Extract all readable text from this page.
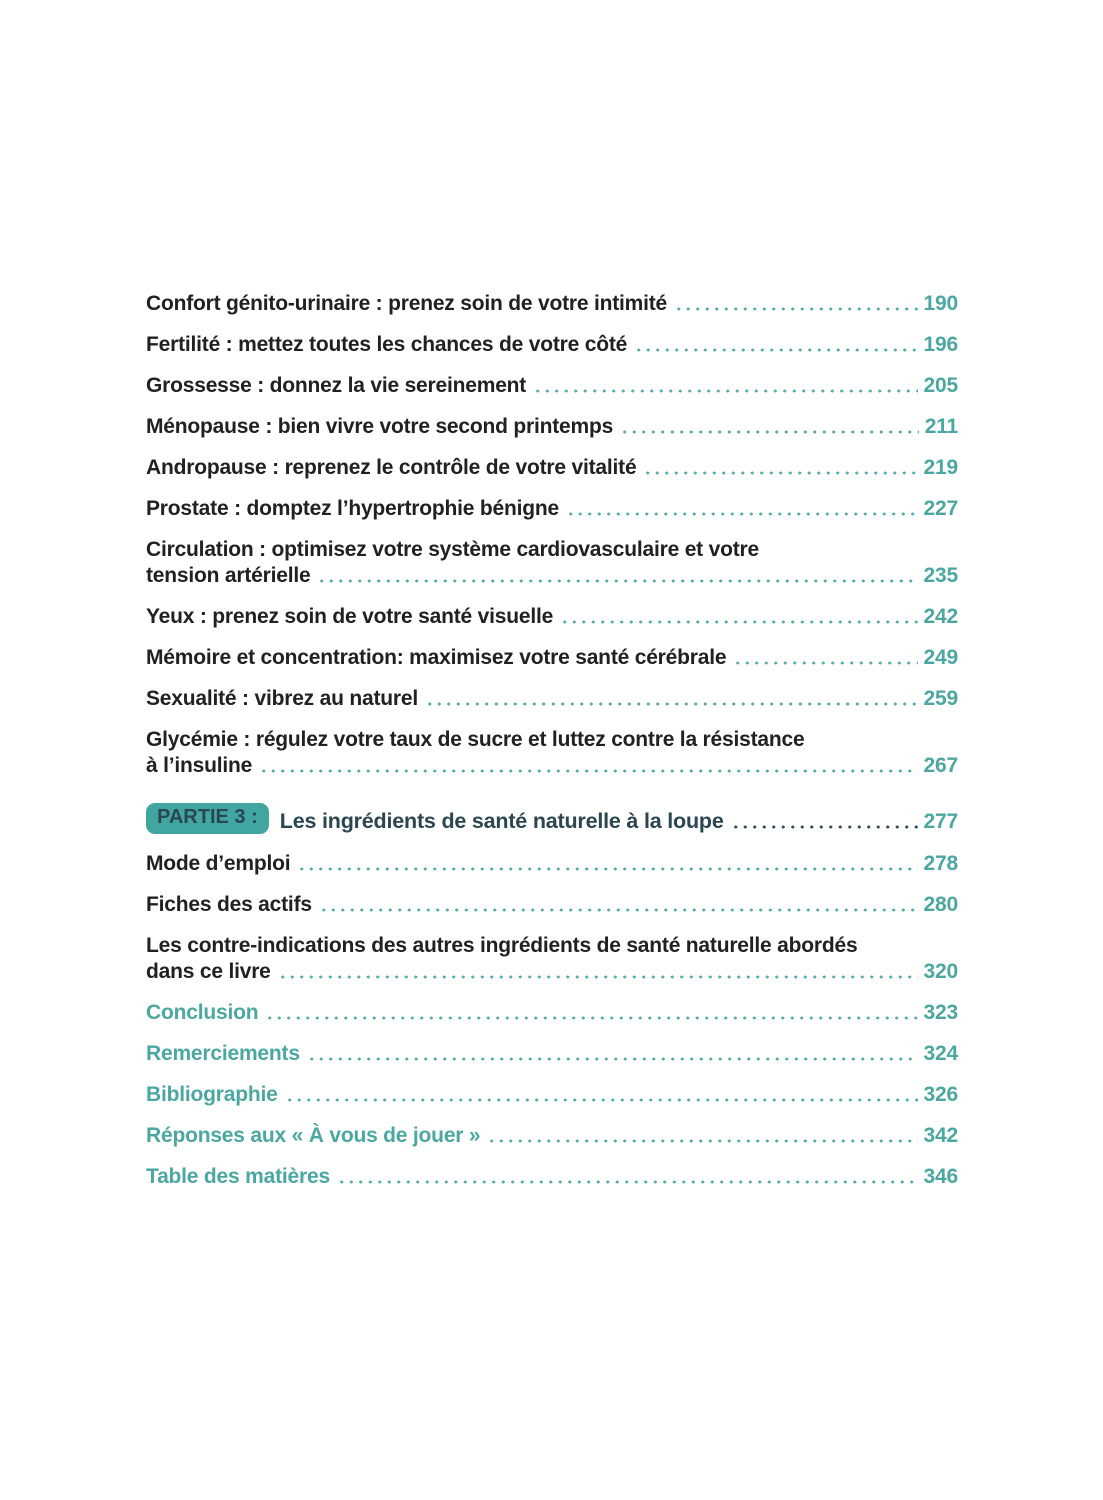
Confort génito-urinaire : prenez soin de votre intimité	190
Fertilité : mettez toutes les chances de votre côté	196
Grossesse : donnez la vie sereinement	205
Ménopause : bien vivre votre second printemps	211
Andropause : reprenez le contrôle de votre vitalité	219
Prostate : domptez l’hypertrophie bénigne	227
Circulation : optimisez votre système cardiovasculaire et votre
tension artérielle	235
Yeux : prenez soin de votre santé visuelle	242
Mémoire et concentration: maximisez votre santé cérébrale	249
Sexualité : vibrez au naturel	259
Glycémie : régulez votre taux de sucre et luttez contre la résistance
à l’insuline	267
PARTIE 3 :	Les ingrédients de santé naturelle à la loupe	277
Mode d’emploi	278
Fiches des actifs	280
Les contre-indications des autres ingrédients de santé naturelle abordés
dans ce livre	320
Conclusion	323
Remerciements	324
Bibliographie	326
Réponses aux « À vous de jouer »	342
Table des matières	346
